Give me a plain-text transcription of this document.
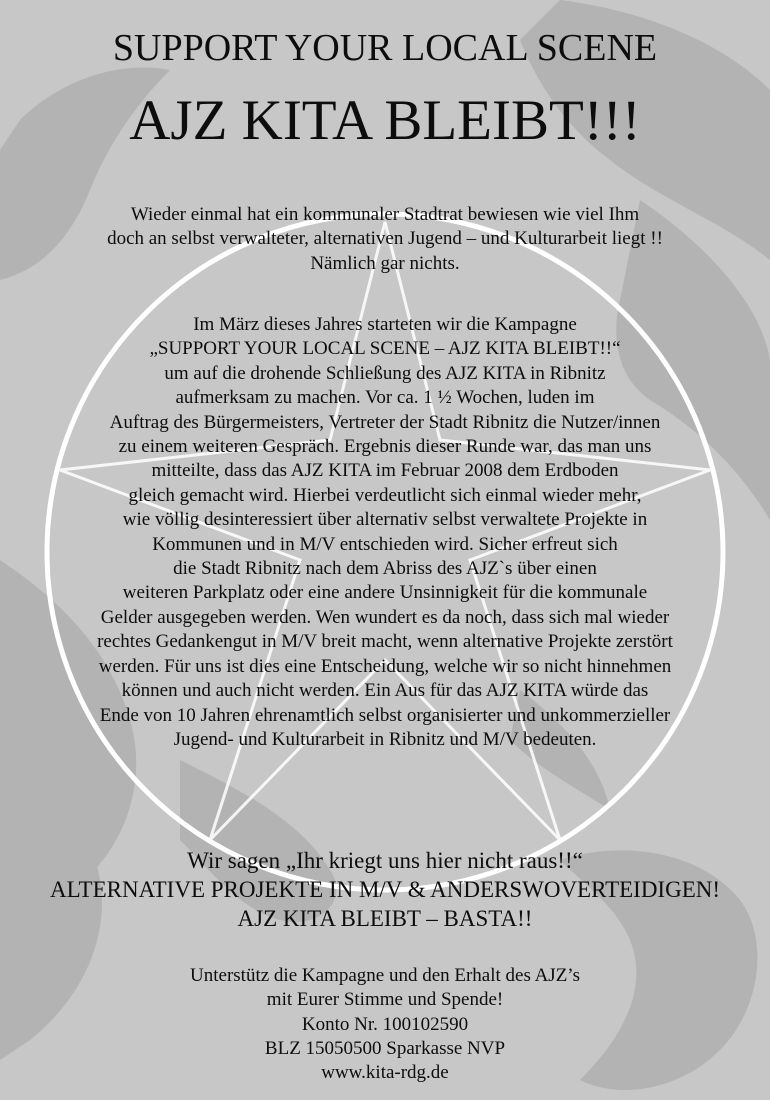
SUPPORT YOUR LOCAL SCENE
AJZ KITA BLEIBT!!!
Wieder einmal hat ein kommunaler Stadtrat bewiesen wie viel Ihm
doch an selbst verwalteter, alternativen Jugend – und Kulturarbeit liegt !!
Nämlich gar nichts.
Im März dieses Jahres starteten wir die Kampagne
„SUPPORT YOUR LOCAL SCENE – AJZ KITA BLEIBT!!“
um auf die drohende Schließung des AJZ KITA in Ribnitz
aufmerksam zu machen. Vor ca. 1 ½ Wochen, luden im
Auftrag des Bürgermeisters, Vertreter der Stadt Ribnitz die Nutzer/innen
zu einem weiteren Gespräch. Ergebnis dieser Runde war, das man uns
mitteilte, dass das AJZ KITA im Februar 2008 dem Erdboden
gleich gemacht wird. Hierbei verdeutlicht sich einmal wieder mehr,
wie völlig desinteressiert über alternativ selbst verwaltete Projekte in
Kommunen und in M/V entschieden wird. Sicher erfreut sich
die Stadt Ribnitz nach dem Abriss des AJZ`s über einen
weiteren Parkplatz oder eine andere Unsinnigkeit für die kommunale
Gelder ausgegeben werden. Wen wundert es da noch, dass sich mal wieder
rechtes Gedankengut in M/V breit macht, wenn alternative Projekte zerstört
werden. Für uns ist dies eine Entscheidung, welche wir so nicht hinnehmen
können und auch nicht werden. Ein Aus für das AJZ KITA würde das
Ende von 10 Jahren ehrenamtlich selbst organisierter und unkommerzieller
Jugend- und Kulturarbeit in Ribnitz und M/V bedeuten.
Wir sagen „Ihr kriegt uns hier nicht raus!!“
ALTERNATIVE PROJEKTE IN M/V & ANDERSWOVERTEIDIGEN!
AJZ KITA BLEIBT – BASTA!!
Unterstütz die Kampagne und den Erhalt des AJZ’s
mit Eurer Stimme und Spende!
Konto Nr. 100102590
BLZ 15050500 Sparkasse NVP
www.kita-rdg.de
